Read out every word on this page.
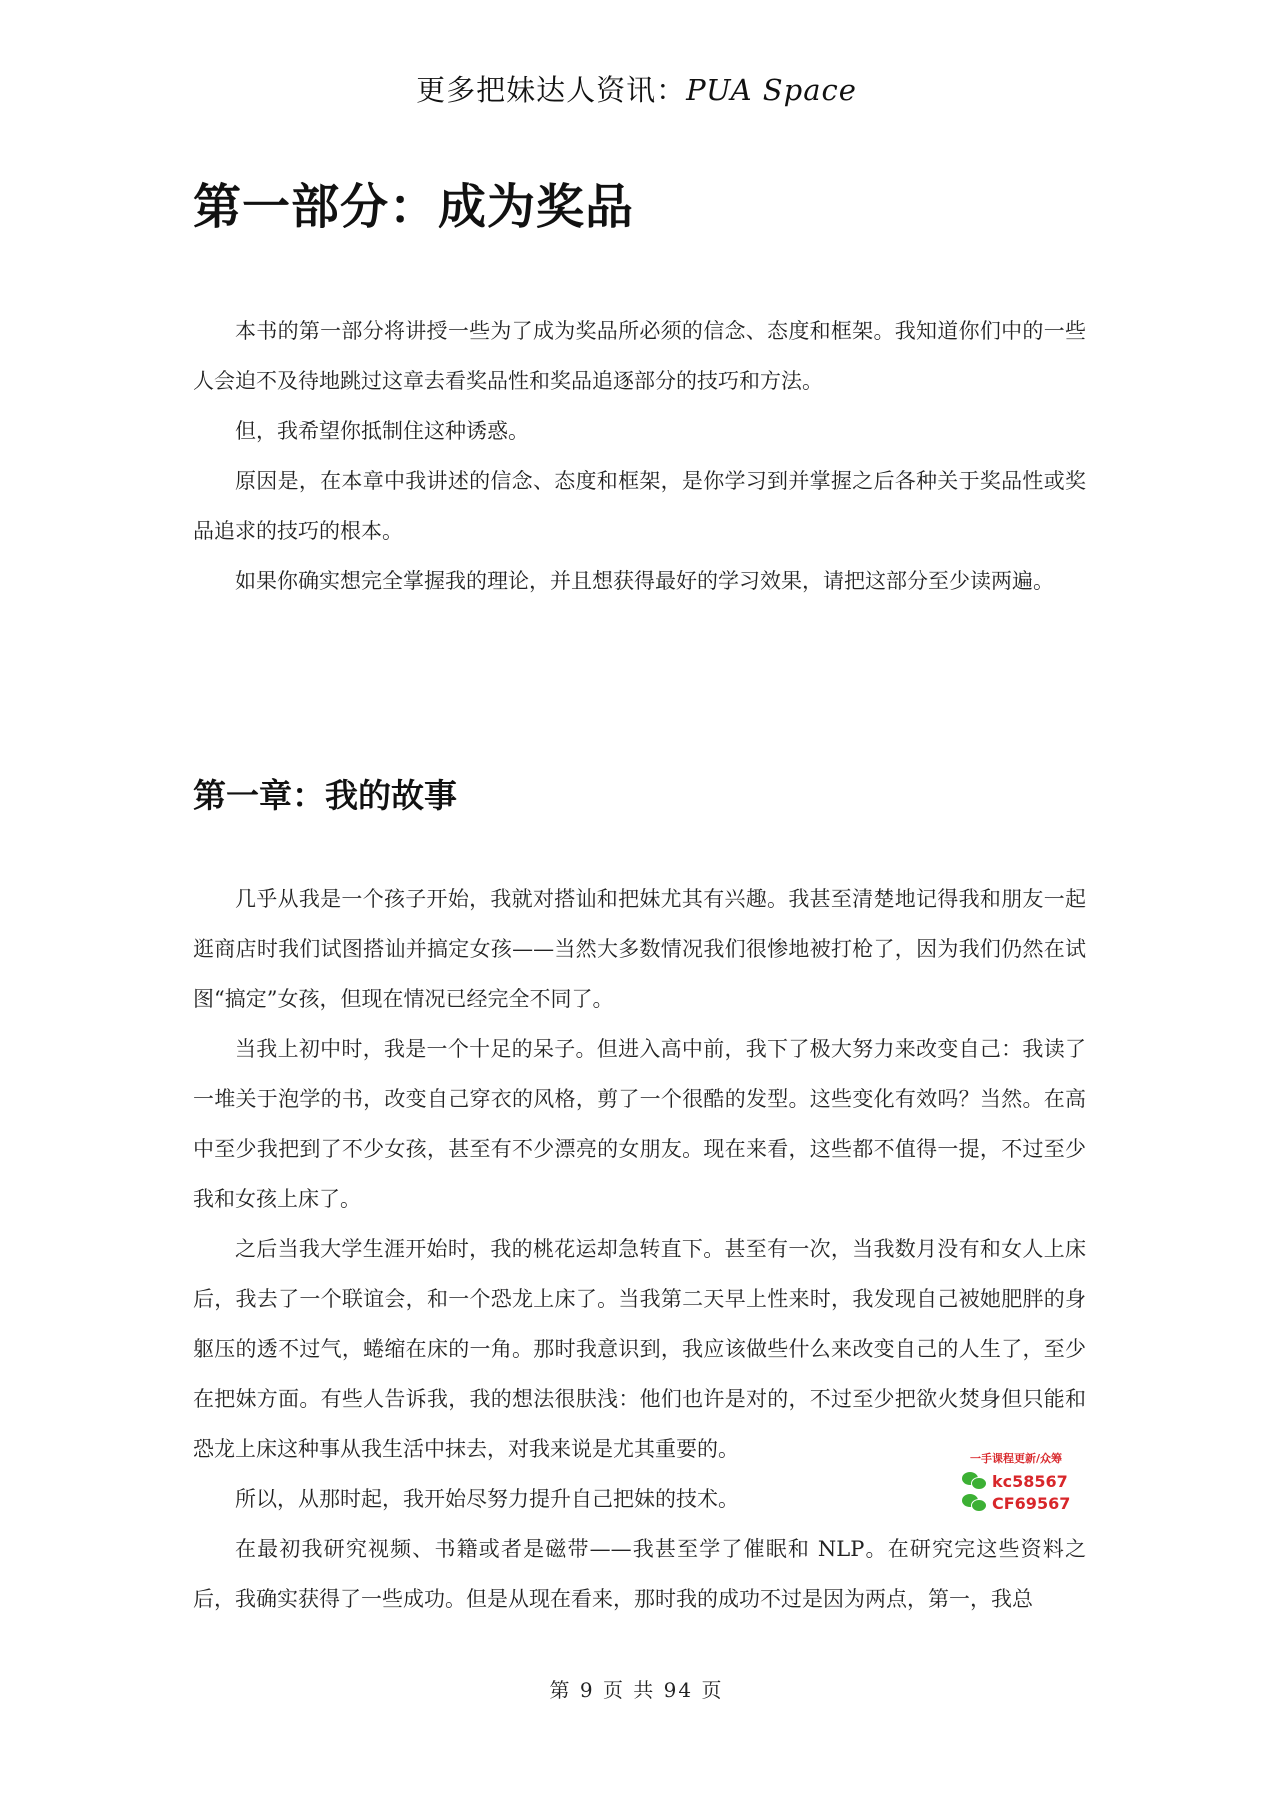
更多把妹达人资讯：PUA Space
第一部分：成为奖品

本书的第一部分将讲授一些为了成为奖品所必须的信念、态度和框架。我知道你们中的一些人会迫不及待地跳过这章去看奖品性和奖品追逐部分的技巧和方法。

但，我希望你抵制住这种诱惑。

原因是，在本章中我讲述的信念、态度和框架，是你学习到并掌握之后各种关于奖品性或奖品追求的技巧的根本。

如果你确实想完全掌握我的理论，并且想获得最好的学习效果，请把这部分至少读两遍。

第一章：我的故事

几乎从我是一个孩子开始，我就对搭讪和把妹尤其有兴趣。我甚至清楚地记得我和朋友一起逛商店时我们试图搭讪并搞定女孩——当然大多数情况我们很惨地被打枪了，因为我们仍然在试图“搞定”女孩，但现在情况已经完全不同了。

当我上初中时，我是一个十足的呆子。但进入高中前，我下了极大努力来改变自己：我读了一堆关于泡学的书，改变自己穿衣的风格，剪了一个很酷的发型。这些变化有效吗？当然。在高中至少我把到了不少女孩，甚至有不少漂亮的女朋友。现在来看，这些都不值得一提，不过至少我和女孩上床了。

之后当我大学生涯开始时，我的桃花运却急转直下。甚至有一次，当我数月没有和女人上床后，我去了一个联谊会，和一个恐龙上床了。当我第二天早上性来时，我发现自己被她肥胖的身躯压的透不过气，蜷缩在床的一角。那时我意识到，我应该做些什么来改变自己的人生了，至少在把妹方面。有些人告诉我，我的想法很肤浅：他们也许是对的，不过至少把欲火焚身但只能和恐龙上床这种事从我生活中抹去，对我来说是尤其重要的。

所以，从那时起，我开始尽努力提升自己把妹的技术。

在最初我研究视频、书籍或者是磁带——我甚至学了催眠和 NLP。在研究完这些资料之后，我确实获得了一些成功。但是从现在看来，那时我的成功不过是因为两点，第一，我总

一手课程更新/众筹
kc58567
CF69567
第 9 页 共 94 页
